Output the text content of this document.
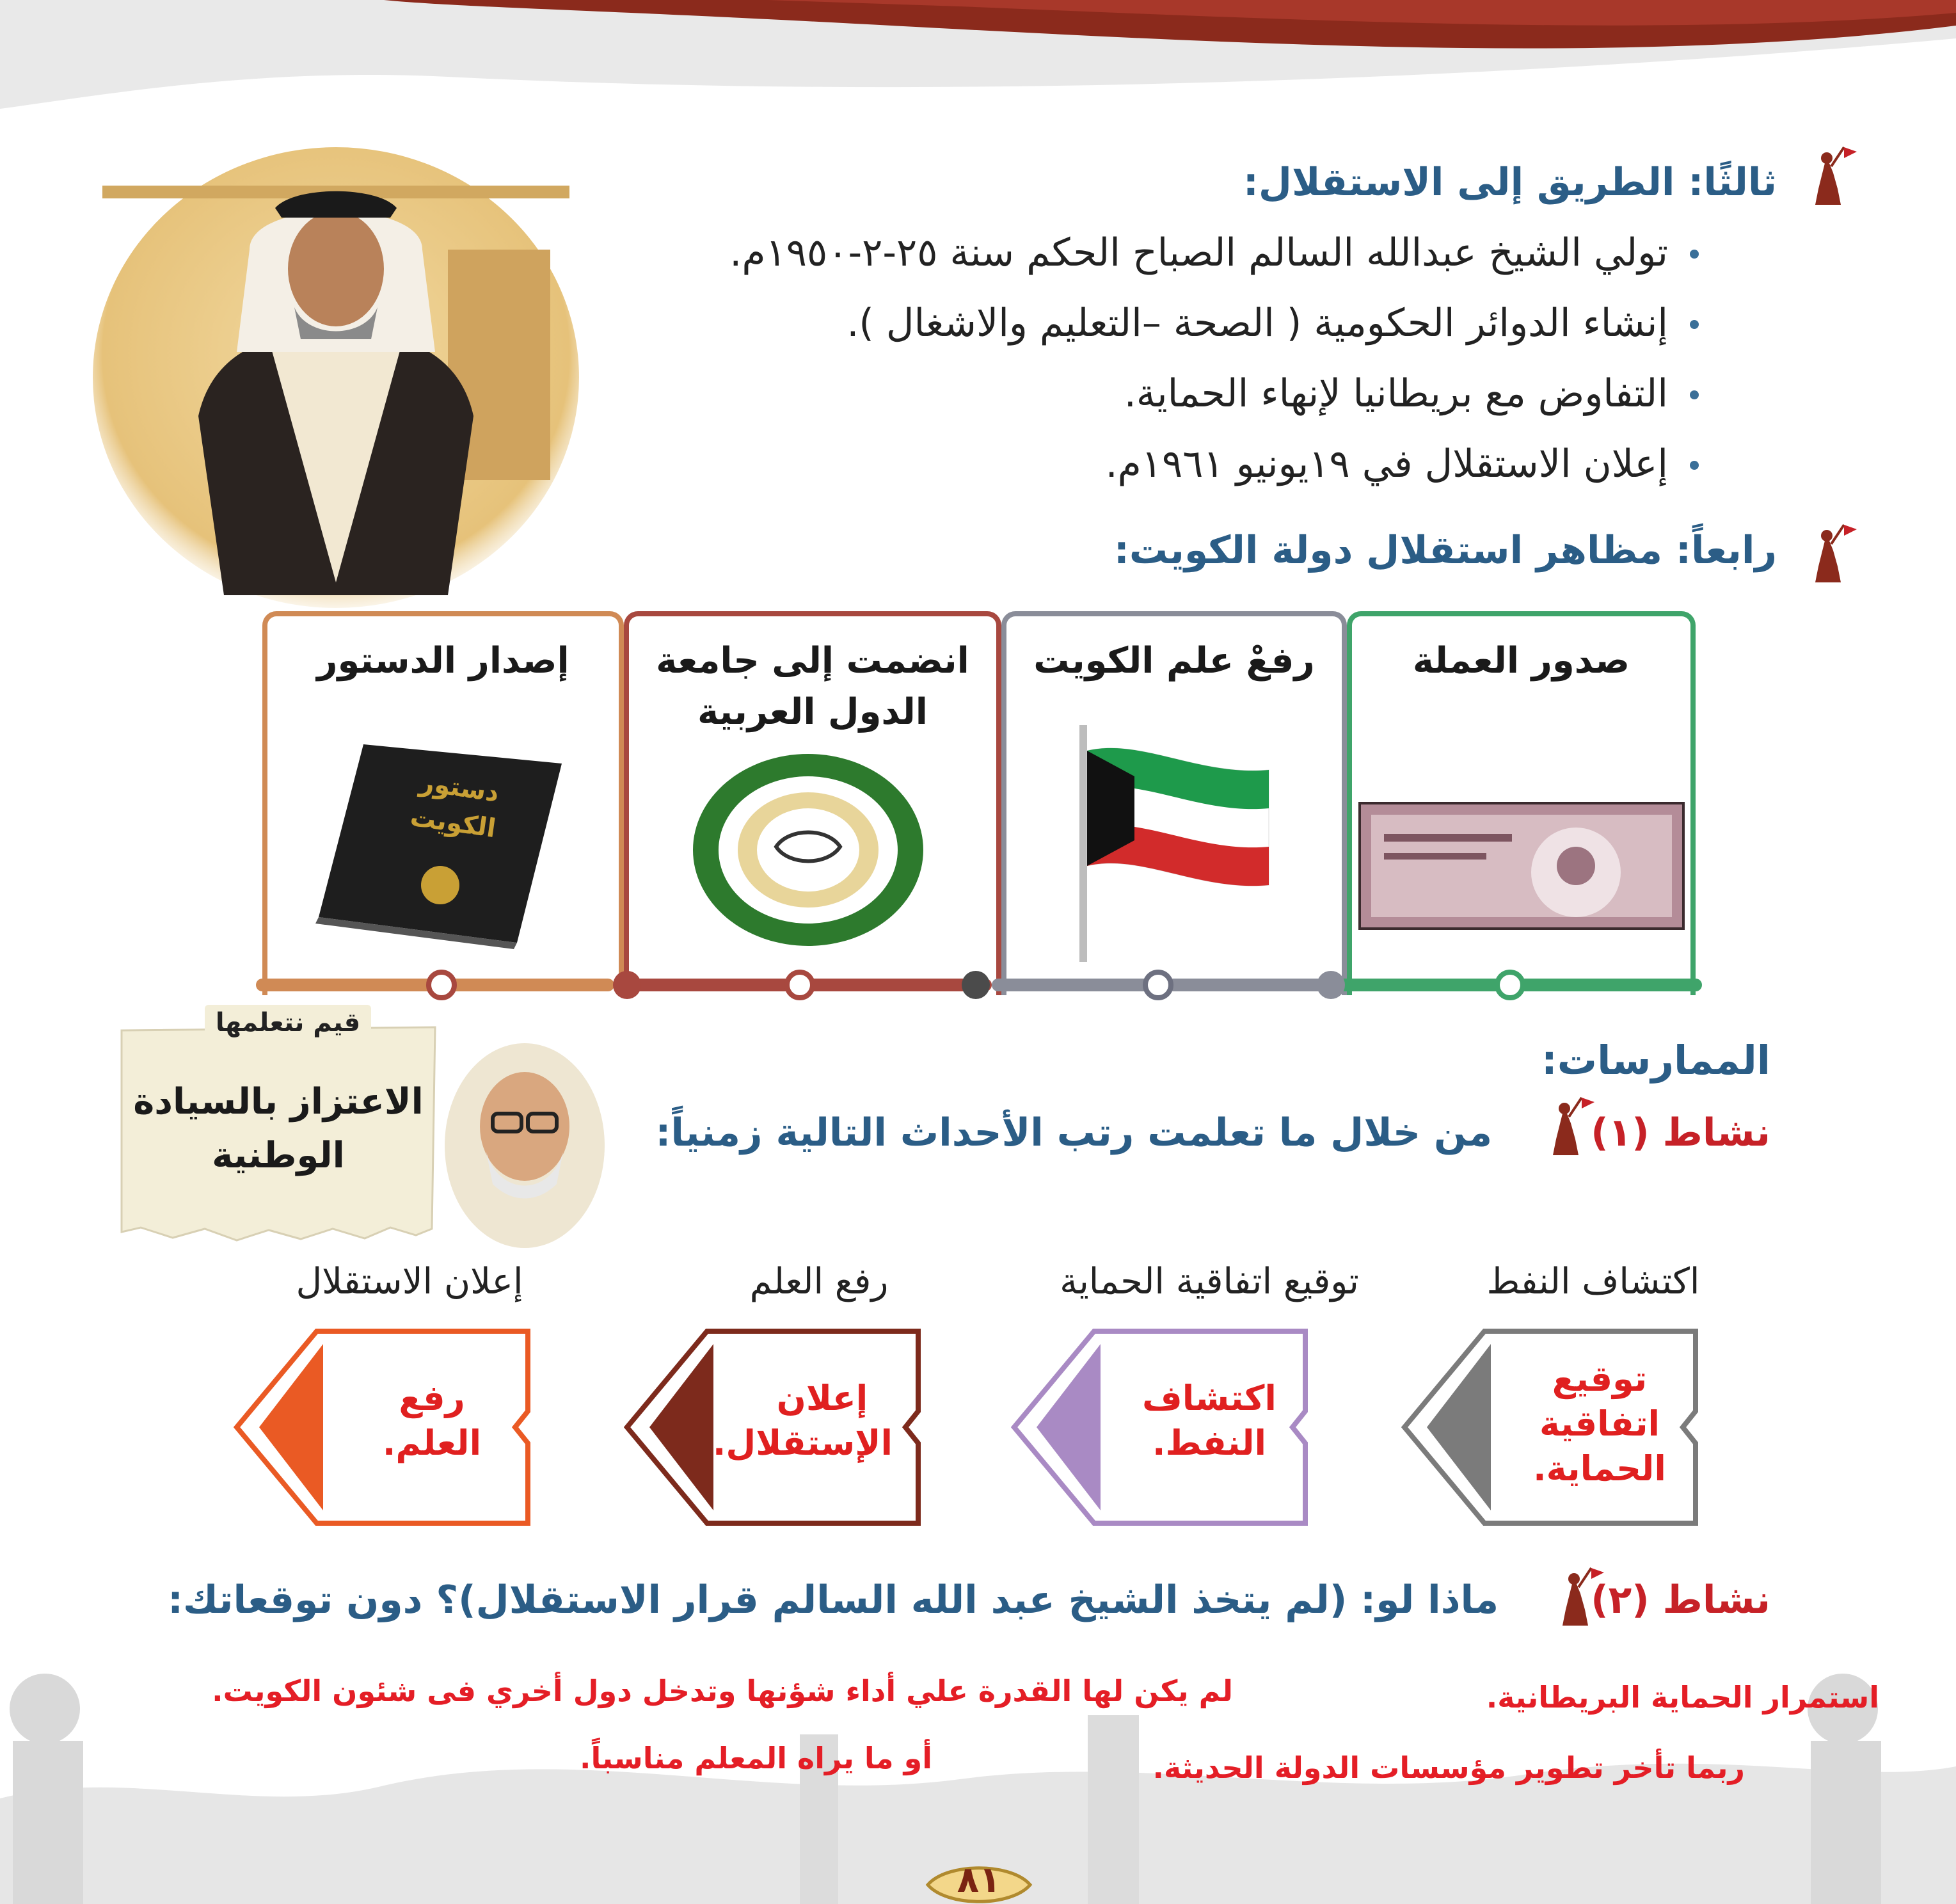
ثالثًا: الطريق إلى الاستقلال:
تولي الشيخ عبدالله السالم الصباح الحكم سنة ٢٥-٢-١٩٥٠م.
إنشاء الدوائر الحكومية ( الصحة –التعليم والاشغال ).
التفاوض مع بريطانيا لإنهاء الحماية.
إعلان الاستقلال في ١٩يونيو ١٩٦١م.
رابعاً: مظاهر استقلال دولة الكويت:
صدور العملة
رفعْ علم الكويت
انضمت إلى جامعة الدول العربية
إصدار الدستور
دستور
الكويت
قيم نتعلمها
الاعتزاز بالسيادة الوطنية
الممارسات:
نشاط (١)
من خلال ما تعلمت رتب الأحداث التالية زمنياً:
اكتشاف النفط
توقيع اتفاقية الحماية
رفع العلم
إعلان الاستقلال
توقيع اتفاقية الحماية.
اكتشاف النفط.
إعلان الإستقلال.
رفع العلم.
نشاط (٢)
ماذا لو: (لم يتخذ الشيخ عبد الله السالم قرار الاستقلال)؟ دون توقعاتك:
استمرار الحماية البريطانية.
لم يكن لها القدرة علي أداء شؤنها وتدخل دول أخري فى شئون الكويت.
ربما تأخر تطوير مؤسسات الدولة الحديثة.
أو ما يراه المعلم مناسباً.
٨١
